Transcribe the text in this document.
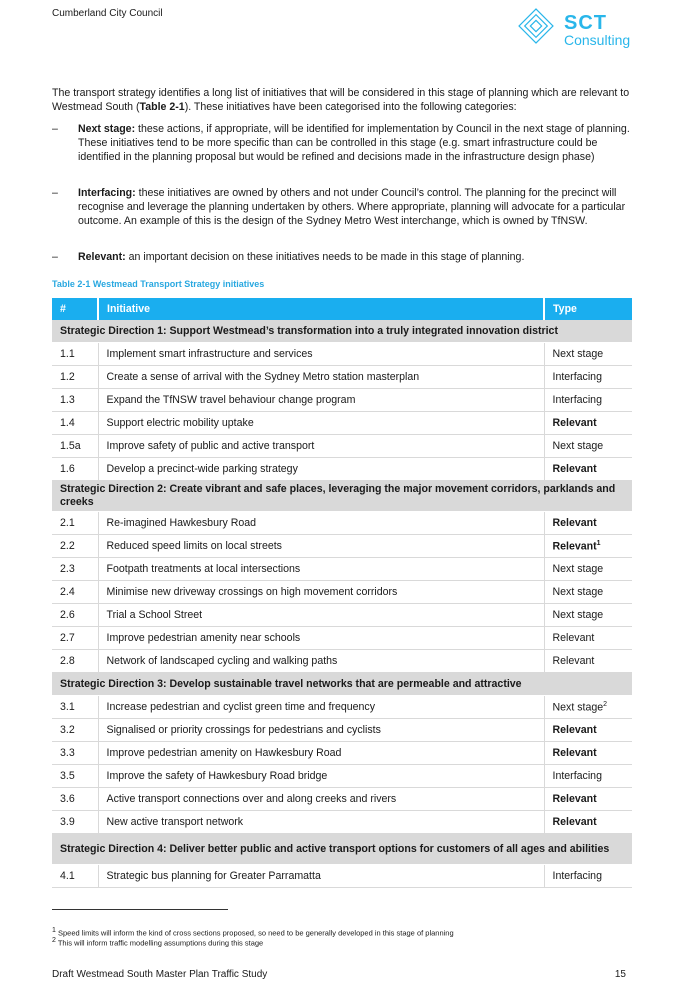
Cumberland City Council	SCT
Consulting

The transport strategy identifies a long list of initiatives that will be considered in this stage of planning which are relevant to Westmead South (Table 2-1). These initiatives have been categorised into the following categories:

– Next stage: these actions, if appropriate, will be identified for implementation by Council in the next stage of planning. These initiatives tend to be more specific than can be controlled in this stage (e.g. smart infrastructure could be identified in the planning proposal but would be refined and decisions made in the infrastructure design phase)
– Interfacing: these initiatives are owned by others and not under Council’s control. The planning for the precinct will recognise and leverage the planning undertaken by others. Where appropriate, planning will advocate for a particular outcome. An example of this is the design of the Sydney Metro West interchange, which is owned by TfNSW.
– Relevant: an important decision on these initiatives needs to be made in this stage of planning.
Table 2-1 Westmead Transport Strategy initiatives
#	Initiative	Type
Strategic Direction 1: Support Westmead’s transformation into a truly integrated innovation district		
1.1	Implement smart infrastructure and services	Next stage
1.2	Create a sense of arrival with the Sydney Metro station masterplan	Interfacing
1.3	Expand the TfNSW travel behaviour change program	Interfacing
1.4	Support electric mobility uptake	Relevant
1.5a	Improve safety of public and active transport	Next stage
1.6	Develop a precinct-wide parking strategy	Relevant
Strategic Direction 2: Create vibrant and safe places, leveraging the major movement corridors, parklands and creeks		
2.1	Re-imagined Hawkesbury Road	Relevant
2.2	Reduced speed limits on local streets	Relevant$^1$
2.3	Footpath treatments at local intersections	Next stage
2.4	Minimise new driveway crossings on high movement corridors	Next stage
2.6	Trial a School Street	Next stage
2.7	Improve pedestrian amenity near schools	Relevant
2.8	Network of landscaped cycling and walking paths	Relevant
Strategic Direction 3: Develop sustainable travel networks that are permeable and attractive		
3.1	Increase pedestrian and cyclist green time and frequency	Next stage$^2$
3.2	Signalised or priority crossings for pedestrians and cyclists	Relevant
3.3	Improve pedestrian amenity on Hawkesbury Road	Relevant
3.5	Improve the safety of Hawkesbury Road bridge	Interfacing
3.6	Active transport connections over and along creeks and rivers	Relevant
3.9	New active transport network	Relevant
Strategic Direction 4: Deliver better public and active transport options for customers of all ages and abilities		
4.1	Strategic bus planning for Greater Parramatta	Interfacing
$^1$ Speed limits will inform the kind of cross sections proposed, so need to be generally developed in this stage of planning
$^2$ This will inform traffic modelling assumptions during this stage
Draft Westmead South Master Plan Traffic Study	15
